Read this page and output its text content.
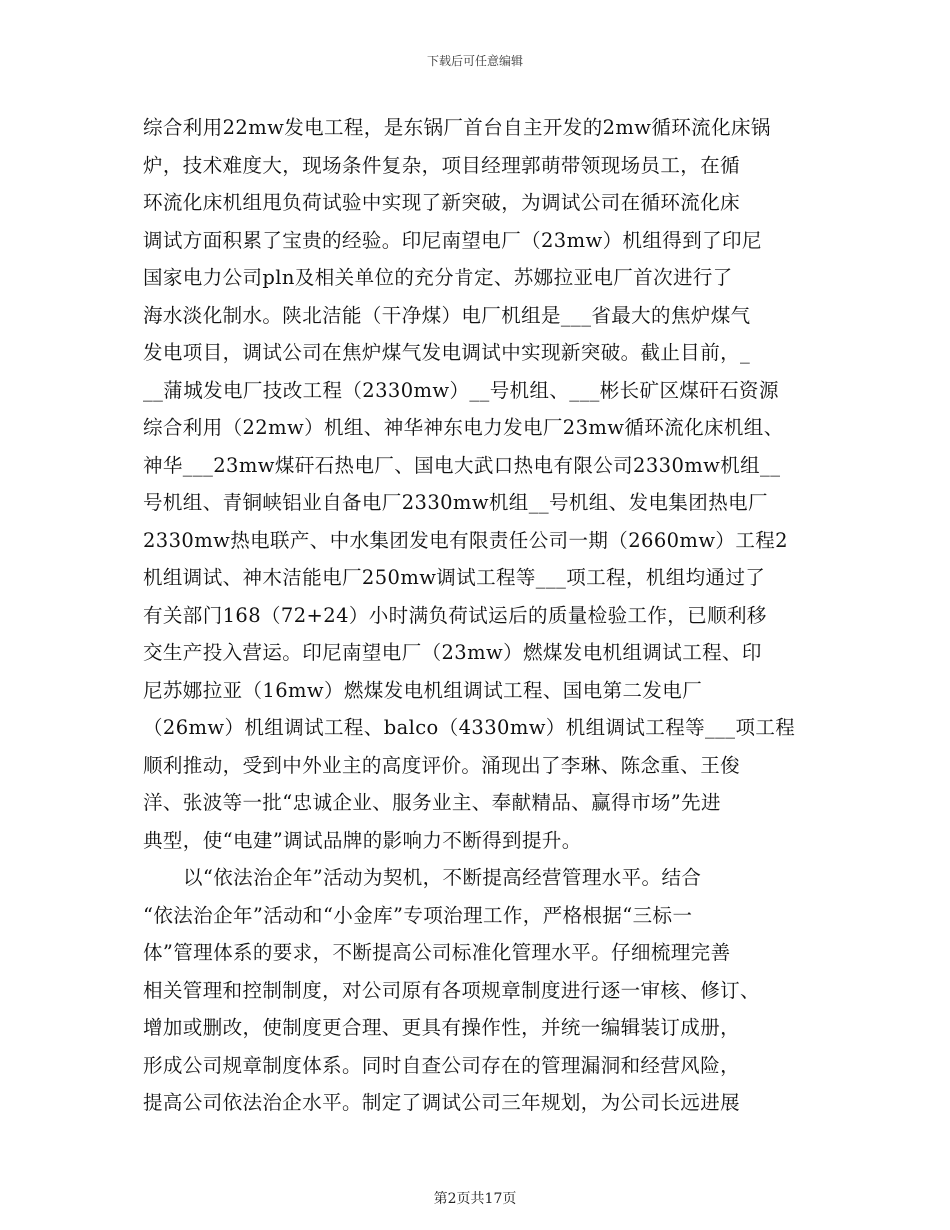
下载后可任意编辑
综合利用22mw发电工程，是东锅厂首台自主开发的2mw循环流化床锅
炉，技术难度大，现场条件复杂，项目经理郭萌带领现场员工，在循
环流化床机组甩负荷试验中实现了新突破，为调试公司在循环流化床
调试方面积累了宝贵的经验。印尼南望电厂（23mw）机组得到了印尼
国家电力公司pln及相关单位的充分肯定、苏娜拉亚电厂首次进行了
海水淡化制水。陕北洁能（干净煤）电厂机组是___省最大的焦炉煤气
发电项目，调试公司在焦炉煤气发电调试中实现新突破。截止目前，_
__蒲城发电厂技改工程（2330mw）__号机组、___彬长矿区煤矸石资源
综合利用（22mw）机组、神华神东电力发电厂23mw循环流化床机组、
神华___23mw煤矸石热电厂、国电大武口热电有限公司2330mw机组__
号机组、青铜峡铝业自备电厂2330mw机组__号机组、发电集团热电厂
2330mw热电联产、中水集团发电有限责任公司一期（2660mw）工程2
机组调试、神木洁能电厂250mw调试工程等___项工程，机组均通过了
有关部门168（72+24）小时满负荷试运后的质量检验工作，已顺利移
交生产投入营运。印尼南望电厂（23mw）燃煤发电机组调试工程、印
尼苏娜拉亚（16mw）燃煤发电机组调试工程、国电第二发电厂
（26mw）机组调试工程、balco（4330mw）机组调试工程等___项工程
顺利推动，受到中外业主的高度评价。涌现出了李琳、陈念重、王俊
洋、张波等一批“忠诚企业、服务业主、奉献精品、赢得市场”先进
典型，使“电建”调试品牌的影响力不断得到提升。
以“依法治企年”活动为契机，不断提高经营管理水平。结合
“依法治企年”活动和“小金库”专项治理工作，严格根据“三标一
体”管理体系的要求，不断提高公司标准化管理水平。仔细梳理完善
相关管理和控制制度，对公司原有各项规章制度进行逐一审核、修订、
增加或删改，使制度更合理、更具有操作性，并统一编辑装订成册，
形成公司规章制度体系。同时自查公司存在的管理漏洞和经营风险，
提高公司依法治企水平。制定了调试公司三年规划，为公司长远进展
第2页共17页
